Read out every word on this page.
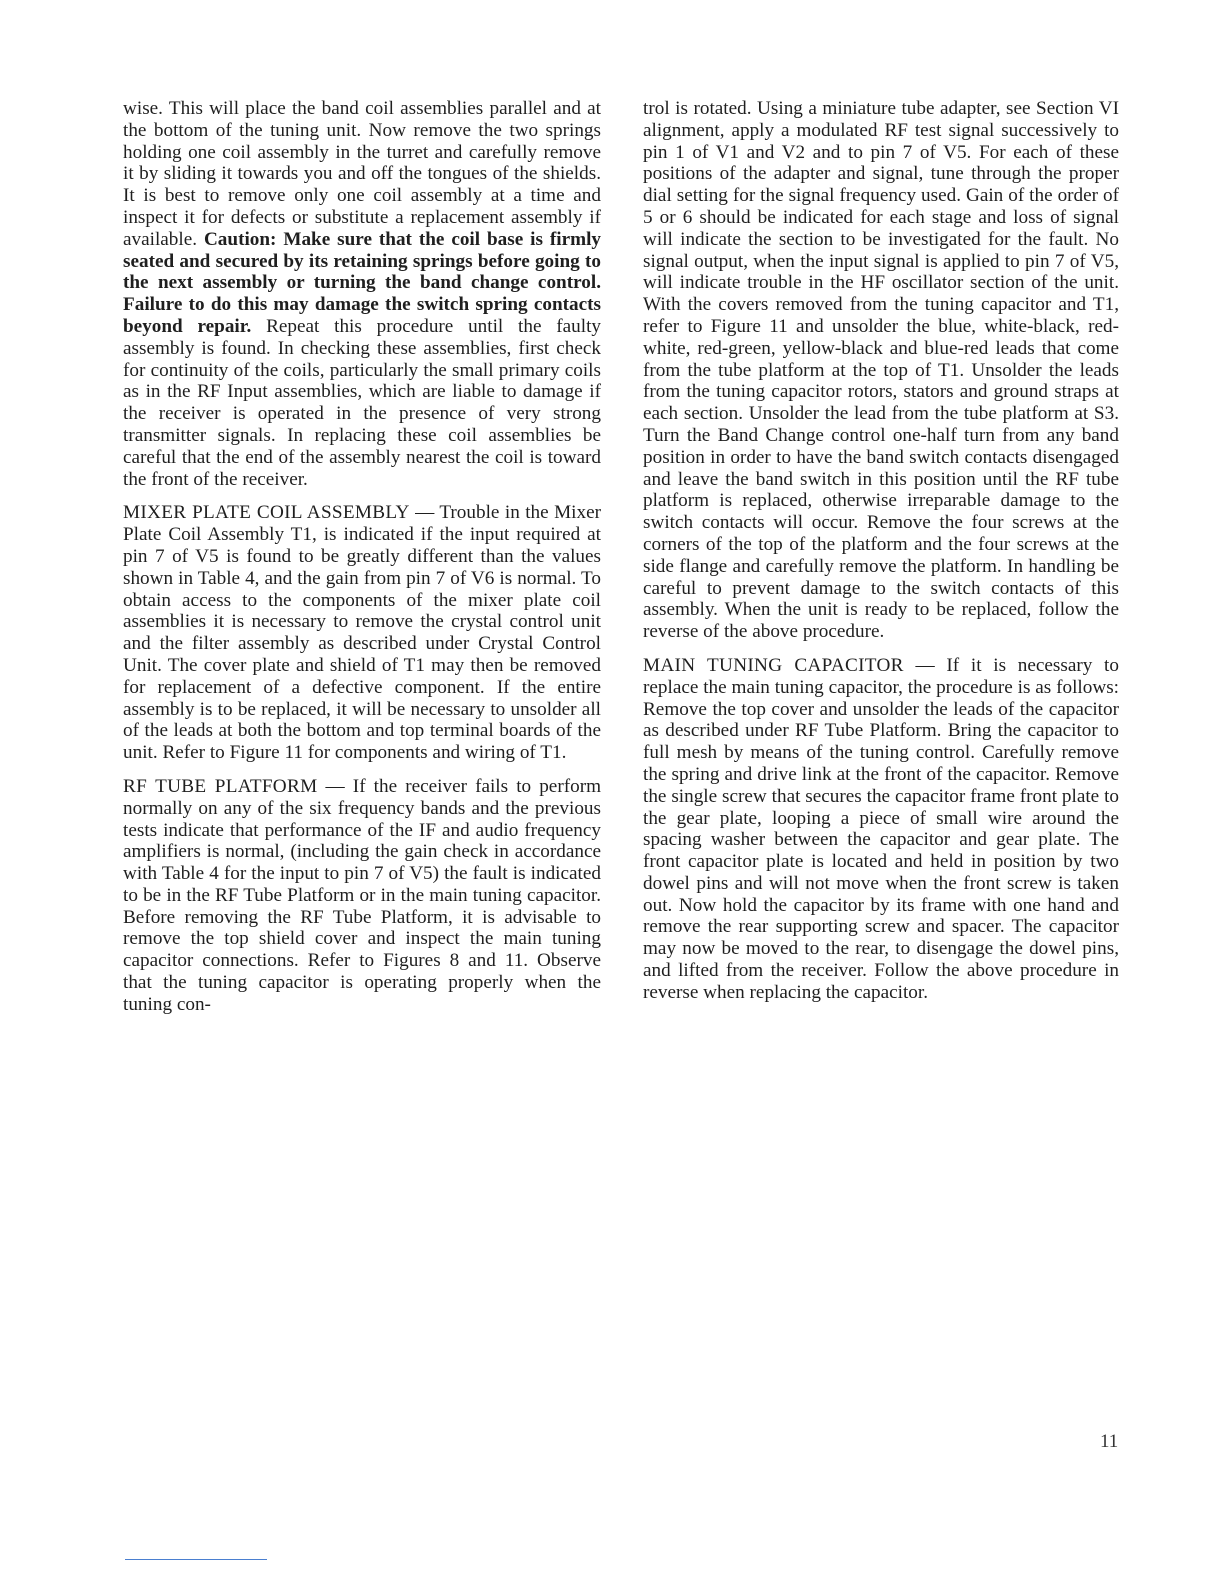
wise. This will place the band coil assemblies parallel and at the bottom of the tuning unit. Now remove the two springs holding one coil assembly in the turret and carefully remove it by sliding it towards you and off the tongues of the shields. It is best to remove only one coil assembly at a time and inspect it for defects or substitute a replacement assembly if available. Caution: Make sure that the coil base is firmly seated and secured by its retaining springs before going to the next assembly or turning the band change control. Failure to do this may damage the switch spring contacts beyond repair. Repeat this procedure until the faulty assembly is found. In checking these assemblies, first check for continuity of the coils, particularly the small primary coils as in the RF Input assemblies, which are liable to damage if the receiver is operated in the presence of very strong transmitter signals. In replacing these coil assemblies be careful that the end of the assembly nearest the coil is toward the front of the receiver.

MIXER PLATE COIL ASSEMBLY — Trouble in the Mixer Plate Coil Assembly T1, is indicated if the input required at pin 7 of V5 is found to be greatly different than the values shown in Table 4, and the gain from pin 7 of V6 is normal. To obtain access to the components of the mixer plate coil assemblies it is necessary to remove the crystal control unit and the filter assembly as described under Crystal Control Unit. The cover plate and shield of T1 may then be removed for replacement of a defective component. If the entire assembly is to be replaced, it will be necessary to unsolder all of the leads at both the bottom and top terminal boards of the unit. Refer to Figure 11 for components and wiring of T1.

RF TUBE PLATFORM — If the receiver fails to perform normally on any of the six frequency bands and the previous tests indicate that performance of the IF and audio frequency amplifiers is normal, (including the gain check in accordance with Table 4 for the input to pin 7 of V5) the fault is indicated to be in the RF Tube Platform or in the main tuning capacitor. Before removing the RF Tube Platform, it is advisable to remove the top shield cover and inspect the main tuning capacitor connections. Refer to Figures 8 and 11. Observe that the tuning capacitor is operating properly when the tuning con-

trol is rotated. Using a miniature tube adapter, see Section VI alignment, apply a modulated RF test signal successively to pin 1 of V1 and V2 and to pin 7 of V5. For each of these positions of the adapter and signal, tune through the proper dial setting for the signal frequency used. Gain of the order of 5 or 6 should be indicated for each stage and loss of signal will indicate the section to be investigated for the fault. No signal output, when the input signal is applied to pin 7 of V5, will indicate trouble in the HF oscillator section of the unit. With the covers removed from the tuning capacitor and T1, refer to Figure 11 and unsolder the blue, white-black, red-white, red-green, yellow-black and blue-red leads that come from the tube platform at the top of T1. Unsolder the leads from the tuning capacitor rotors, stators and ground straps at each section. Unsolder the lead from the tube platform at S3. Turn the Band Change control one-half turn from any band position in order to have the band switch contacts disengaged and leave the band switch in this position until the RF tube platform is replaced, otherwise irreparable damage to the switch contacts will occur. Remove the four screws at the corners of the top of the platform and the four screws at the side flange and carefully remove the platform. In handling be careful to prevent damage to the switch contacts of this assembly. When the unit is ready to be replaced, follow the reverse of the above procedure.

MAIN TUNING CAPACITOR — If it is necessary to replace the main tuning capacitor, the procedure is as follows: Remove the top cover and unsolder the leads of the capacitor as described under RF Tube Platform. Bring the capacitor to full mesh by means of the tuning control. Carefully remove the spring and drive link at the front of the capacitor. Remove the single screw that secures the capacitor frame front plate to the gear plate, looping a piece of small wire around the spacing washer between the capacitor and gear plate. The front capacitor plate is located and held in position by two dowel pins and will not move when the front screw is taken out. Now hold the capacitor by its frame with one hand and remove the rear supporting screw and spacer. The capacitor may now be moved to the rear, to disengage the dowel pins, and lifted from the receiver. Follow the above procedure in reverse when replacing the capacitor.

11
